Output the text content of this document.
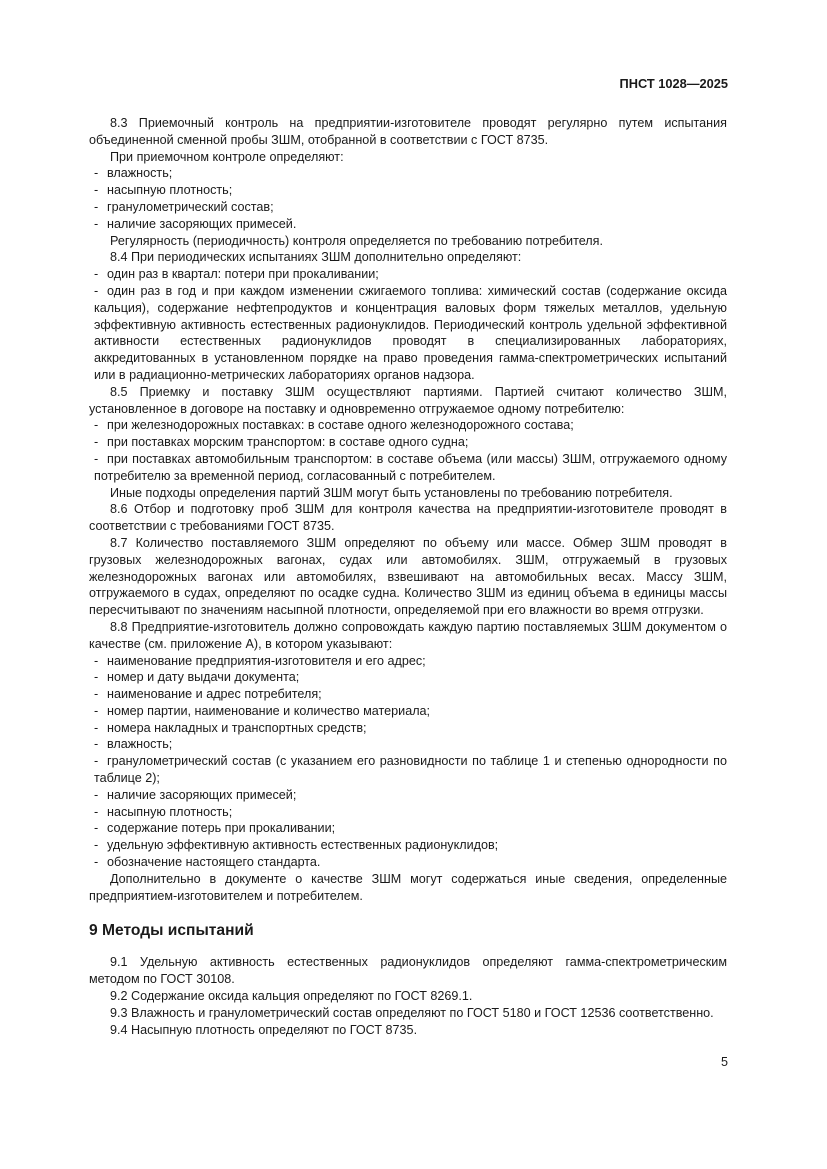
ПНСТ 1028—2025
8.3 Приемочный контроль на предприятии-изготовителе проводят регулярно путем испытания объединенной сменной пробы ЗШМ, отобранной в соответствии с ГОСТ 8735.
При приемочном контроле определяют:
- влажность;
- насыпную плотность;
- гранулометрический состав;
- наличие засоряющих примесей.
Регулярность (периодичность) контроля определяется по требованию потребителя.
8.4 При периодических испытаниях ЗШМ дополнительно определяют:
- один раз в квартал: потери при прокаливании;
- один раз в год и при каждом изменении сжигаемого топлива: химический состав (содержание оксида кальция), содержание нефтепродуктов и концентрация валовых форм тяжелых металлов, удельную эффективную активность естественных радионуклидов. Периодический контроль удельной эффективной активности естественных радионуклидов проводят в специализированных лабораториях, аккредитованных в установленном порядке на право проведения гамма-спектрометрических испытаний или в радиационно-метрических лабораториях органов надзора.
8.5 Приемку и поставку ЗШМ осуществляют партиями. Партией считают количество ЗШМ, установленное в договоре на поставку и одновременно отгружаемое одному потребителю:
- при железнодорожных поставках: в составе одного железнодорожного состава;
- при поставках морским транспортом: в составе одного судна;
- при поставках автомобильным транспортом: в составе объема (или массы) ЗШМ, отгружаемого одному потребителю за временной период, согласованный с потребителем.
Иные подходы определения партий ЗШМ могут быть установлены по требованию потребителя.
8.6 Отбор и подготовку проб ЗШМ для контроля качества на предприятии-изготовителе проводят в соответствии с требованиями ГОСТ 8735.
8.7 Количество поставляемого ЗШМ определяют по объему или массе. Обмер ЗШМ проводят в грузовых железнодорожных вагонах, судах или автомобилях. ЗШМ, отгружаемый в грузовых железнодорожных вагонах или автомобилях, взвешивают на автомобильных весах. Массу ЗШМ, отгружаемого в судах, определяют по осадке судна. Количество ЗШМ из единиц объема в единицы массы пересчитывают по значениям насыпной плотности, определяемой при его влажности во время отгрузки.
8.8 Предприятие-изготовитель должно сопровождать каждую партию поставляемых ЗШМ документом о качестве (см. приложение А), в котором указывают:
- наименование предприятия-изготовителя и его адрес;
- номер и дату выдачи документа;
- наименование и адрес потребителя;
- номер партии, наименование и количество материала;
- номера накладных и транспортных средств;
- влажность;
- гранулометрический состав (с указанием его разновидности по таблице 1 и степенью однородности по таблице 2);
- наличие засоряющих примесей;
- насыпную плотность;
- содержание потерь при прокаливании;
- удельную эффективную активность естественных радионуклидов;
- обозначение настоящего стандарта.
Дополнительно в документе о качестве ЗШМ могут содержаться иные сведения, определенные предприятием-изготовителем и потребителем.
9 Методы испытаний
9.1 Удельную активность естественных радионуклидов определяют гамма-спектрометрическим методом по ГОСТ 30108.
9.2 Содержание оксида кальция определяют по ГОСТ 8269.1.
9.3 Влажность и гранулометрический состав определяют по ГОСТ 5180 и ГОСТ 12536 соответственно.
9.4 Насыпную плотность определяют по ГОСТ 8735.
5
